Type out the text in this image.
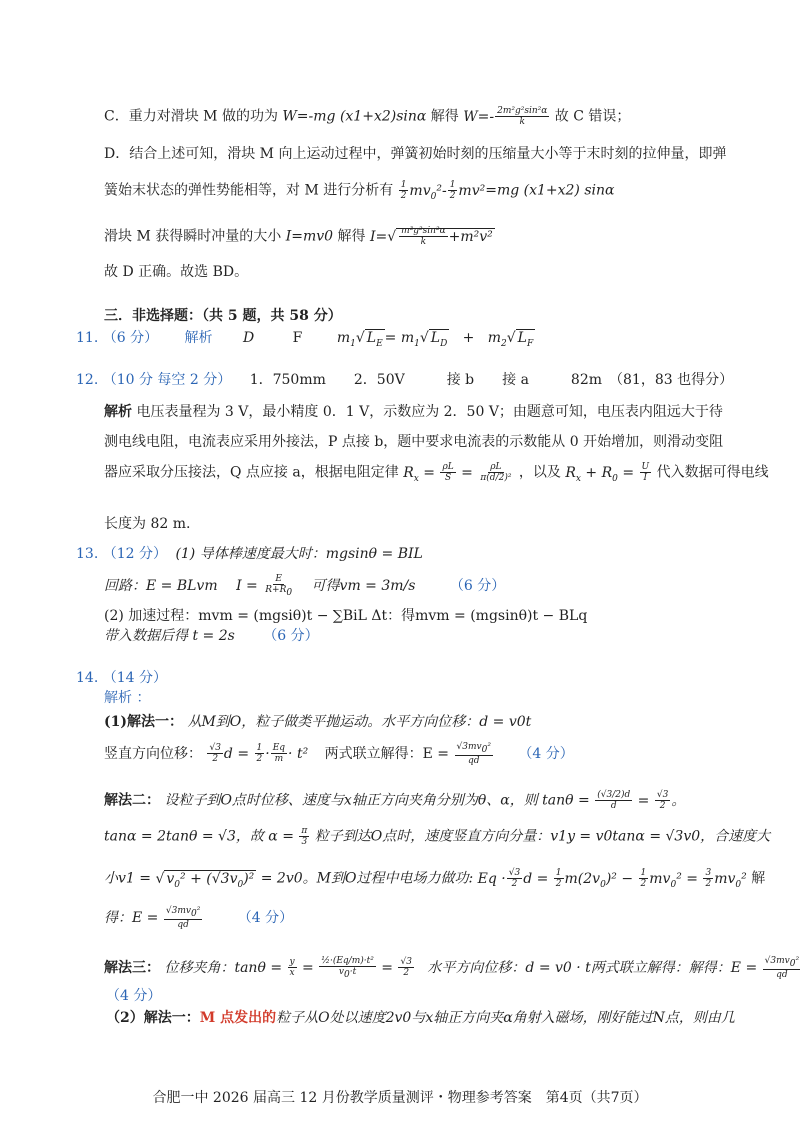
C．重力对滑块 M 做的功为 W=-mg (x1+x2)sinα 解得 $W=- \frac{\text{2m²g²sin²α}}{k}$ 故 C 错误；
D．结合上述可知，滑块 M 向上运动过程中，弹簧初始时刻的压缩量大小等于末时刻的拉伸量，即弹
簧始末状态的弹性势能相等，对 M 进行分析有 $\frac{1}{2} mv_0^2- \frac{1}{2} mv^2=mg$ (x1+x2) sinα
滑块 M 获得瞬时冲量的大小 I=mv0 解得 $I=√ \frac{\text{m³g²sin²α}}{k} +m^2v^2$
故 D 正确。故选 BD。
三．非选择题：（共 5 题，共 58 分）
11. （6 分） 解析 D	F $m_1√$ $L_E = m_1√$ $L_D + m_2√$ $L_F$
12. （10 分 每空 2 分） 1．750mm　　2．50V　　　接 b　　接 a　　　82m　（81，83 也得分）
解析 电压表量程为 3 V，最小精度 0．1 V，示数应为 2．50 V；由题意可知，电压表内阻远大于待
测电线电阻，电流表应采用外接法，P 点接 b，题中要求电流表的示数能从 0 开始增加，则滑动变阻
器应采取分压接法，Q 点应接 a，根据电阻定律 $R_x = \frac{\rho L}{S} = \frac{\rho L}{\text{π(d/2)²}}$ ，以及 $R_x + R_0 = \frac{U}{I}$ 代入数据可得电线
长度为 82 m.
13. （12 分） (1) 导体棒速度最大时：mgsinθ = BIL
回路：E = BLvm $I = \frac{E}{R+R_0}$ 可得vm = 3m/s （6 分）
(2) 加速过程：mvm = (mgsiθ)t − ∑BiL Δt：得mvm = (mgsinθ)t − BLq
带入数据后得 t = 2s （6 分）
14. （14 分）
解析 ：
(1)解法一： 从M到O，粒子做类平抛运动。水平方向位移：d = v0t
竖直方向位移： $\frac{√3}{2}$ $d = \frac{1}{2} \cdot \frac{Eq}{m} \cdot t^2$ 两式联立解得：$E = \frac{√3mv_0^2}{qd} (4$ 分）
解法二： 设粒子到O点时位移、速度与x轴正方向夹角分别为θ、α，则 $\tan\theta = \frac{(√3/2)d}{d} = \frac{√3}{2}$ 。
tanα = 2tanθ = √3，故 $\alpha = \frac{\pi}{3}$ 粒子到达O点时，速度竖直方向分量：v1y = v0tanα = √3v0，合速度大
小v1 = √ $v_0^2 + (√3v_0)^2 = 2v0$。M到O过程中电场力做功: $Eq \cdot \frac{√3}{2}$ $d = \frac{1}{2} m(2v_0)^2 - \frac{1}{2} mv_0^2 = \frac{3}{2} mv_0^2$ 解
得：$E = \frac{√3mv_0^2}{qd}$	（4 分）
解法三： 位移夹角：$\tan\theta = \frac{y}{x} = \frac{\text{½·(Eq/m)·t²}}{v_0\cdot t} = \frac{√3}{2}$ 水平方向位移：d = v0 · t两式联立解得：解得：$E = \frac{√3mv_0^2}{qd}$
（4 分）
（2）解法一：M 点发出的粒子从O处以速度2v0与x轴正方向夹α角射入磁场，刚好能过N点，则由几
合肥一中 2026 届高三 12 月份教学质量测评・物理参考答案　第4页（共7页）
